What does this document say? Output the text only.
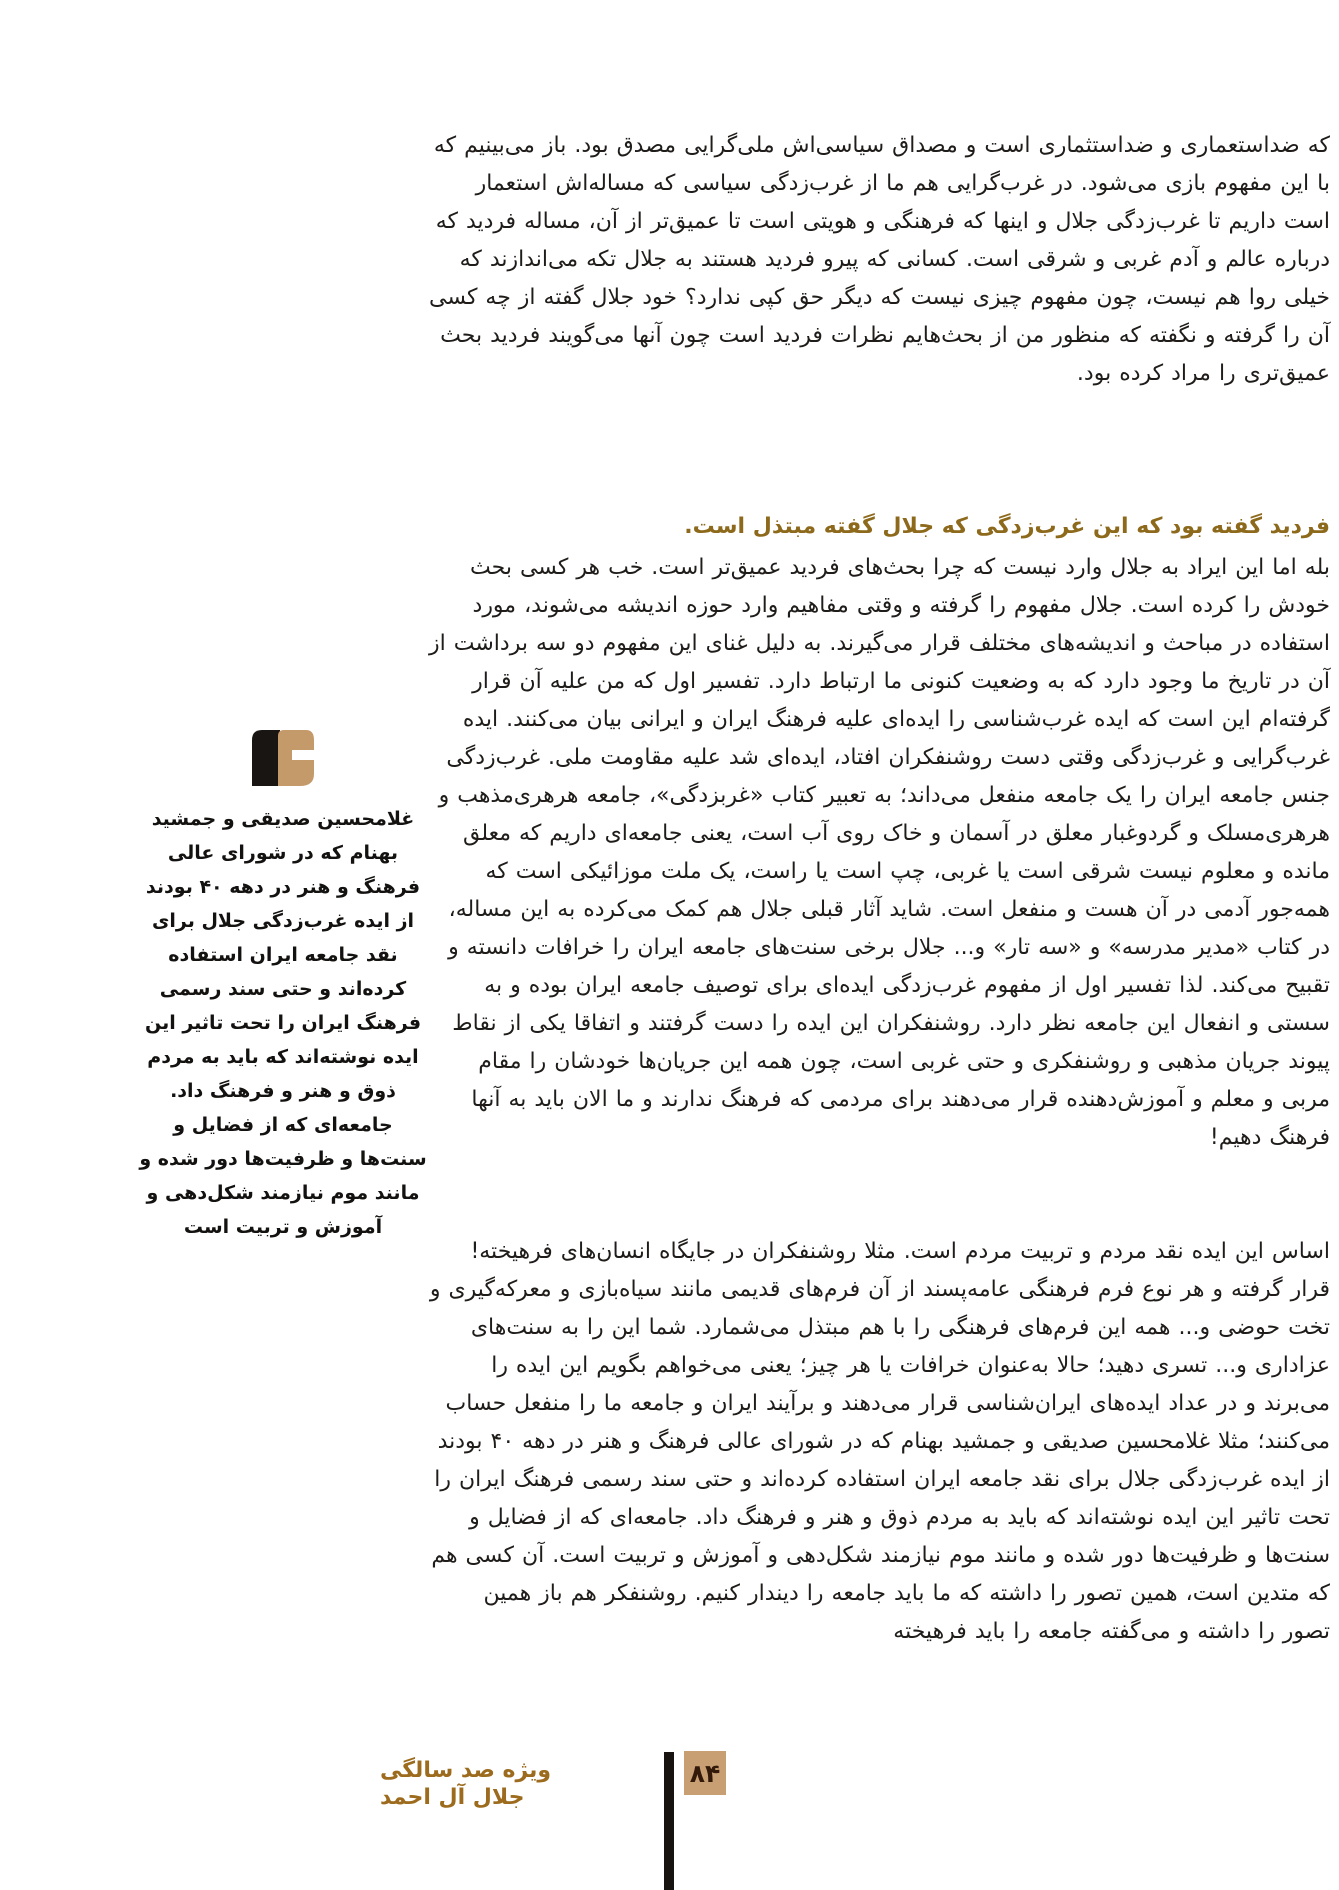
که ضداستعماری و ضداستثماری است و مصداق سیاسی‌اش ملی‌گرایی مصدق بود. باز می‌بینیم که با این مفهوم بازی می‌شود. در غرب‌گرایی هم ما از غرب‌زدگی سیاسی که مساله‌اش استعمار است داریم تا غرب‌زدگی جلال و اینها که فرهنگی و هویتی است تا عمیق‌تر از آن، مساله فردید که درباره عالم و آدم غربی و شرقی است. کسانی که پیرو فردید هستند به جلال تکه می‌اندازند که خیلی روا هم نیست، چون مفهوم چیزی نیست که دیگر حق کپی ندارد؟ خود جلال گفته از چه کسی آن را گرفته و نگفته که منظور من از بحث‌هایم نظرات فردید است چون آنها می‌گویند فردید بحث عمیق‌تری را مراد کرده بود.

فردید گفته بود که این غرب‌زدگی که جلال گفته مبتذل است.

بله اما این ایراد به جلال وارد نیست که چرا بحث‌های فردید عمیق‌تر است. خب هر کسی بحث خودش را کرده است. جلال مفهوم را گرفته و وقتی مفاهیم وارد حوزه اندیشه می‌شوند، مورد استفاده در مباحث و اندیشه‌های مختلف قرار می‌گیرند. به دلیل غنای این مفهوم دو سه برداشت از آن در تاریخ ما وجود دارد که به وضعیت کنونی ما ارتباط دارد. تفسیر اول که من علیه آن قرار گرفته‌ام این است که ایده غرب‌شناسی را ایده‌ای علیه فرهنگ ایران و ایرانی بیان می‌کنند. ایده غرب‌گرایی و غرب‌زدگی وقتی دست روشنفکران افتاد، ایده‌ای شد علیه مقاومت ملی. غرب‌زدگی جنس جامعه ایران را یک جامعه منفعل می‌داند؛ به تعبیر کتاب «غربزدگی»، جامعه هرهری‌مذهب و هرهری‌مسلک و گردوغبار معلق در آسمان و خاک روی آب است، یعنی جامعه‌ای داریم که معلق مانده و معلوم نیست شرقی است یا غربی، چپ است یا راست، یک ملت موزائیکی است که همه‌جور آدمی در آن هست و منفعل است. شاید آثار قبلی جلال هم کمک می‌کرده به این مساله، در کتاب «مدیر مدرسه» و «سه تار» و... جلال برخی سنت‌های جامعه ایران را خرافات دانسته و تقبیح می‌کند. لذا تفسیر اول از مفهوم غرب‌زدگی ایده‌ای برای توصیف جامعه ایران بوده و به سستی و انفعال این جامعه نظر دارد. روشنفکران این ایده را دست گرفتند و اتفاقا یکی از نقاط پیوند جریان مذهبی و روشنفکری و حتی غربی است، چون همه این جریان‌ها خودشان را مقام مربی و معلم و آموزش‌دهنده قرار می‌دهند برای مردمی که فرهنگ ندارند و ما الان باید به آنها فرهنگ دهیم!

اساس این ایده نقد مردم و تربیت مردم است. مثلا روشنفکران در جایگاه انسان‌های فرهیخته! قرار گرفته و هر نوع فرم فرهنگی عامه‌پسند از آن فرم‌های قدیمی مانند سیاه‌بازی و معرکه‌گیری و تخت حوضی و... همه این فرم‌های فرهنگی را با هم مبتذل می‌شمارد. شما این را به سنت‌های عزاداری و... تسری دهید؛ حالا به‌عنوان خرافات یا هر چیز؛ یعنی می‌خواهم بگویم این ایده را می‌برند و در عداد ایده‌های ایران‌شناسی قرار می‌دهند و برآیند ایران و جامعه ما را منفعل حساب می‌کنند؛ مثلا غلامحسین صدیقی و جمشید بهنام که در شورای عالی فرهنگ و هنر در دهه ۴۰ بودند از ایده غرب‌زدگی جلال برای نقد جامعه ایران استفاده کرده‌اند و حتی سند رسمی فرهنگ ایران را تحت تاثیر این ایده نوشته‌اند که باید به مردم ذوق و هنر و فرهنگ داد. جامعه‌ای که از فضایل و سنت‌ها و ظرفیت‌ها دور شده و مانند موم نیازمند شکل‌دهی و آموزش و تربیت است. آن کسی هم که متدین است، همین تصور را داشته که ما باید جامعه را دیندار کنیم. روشنفکر هم باز همین تصور را داشته و می‌گفته جامعه را باید فرهیخته

غلامحسین صدیقی و جمشید بهنام که در شورای عالی فرهنگ و هنر در دهه ۴۰ بودند از ایده غرب‌زدگی جلال برای نقد جامعه ایران استفاده کرده‌اند و حتی سند رسمی فرهنگ ایران را تحت تاثیر این ایده نوشته‌اند که باید به مردم ذوق و هنر و فرهنگ داد. جامعه‌ای که از فضایل و سنت‌ها و ظرفیت‌ها دور شده و مانند موم نیازمند شکل‌دهی و آموزش و تربیت است

۸۴
ویژه صد سالگی
جلال آل احمد
